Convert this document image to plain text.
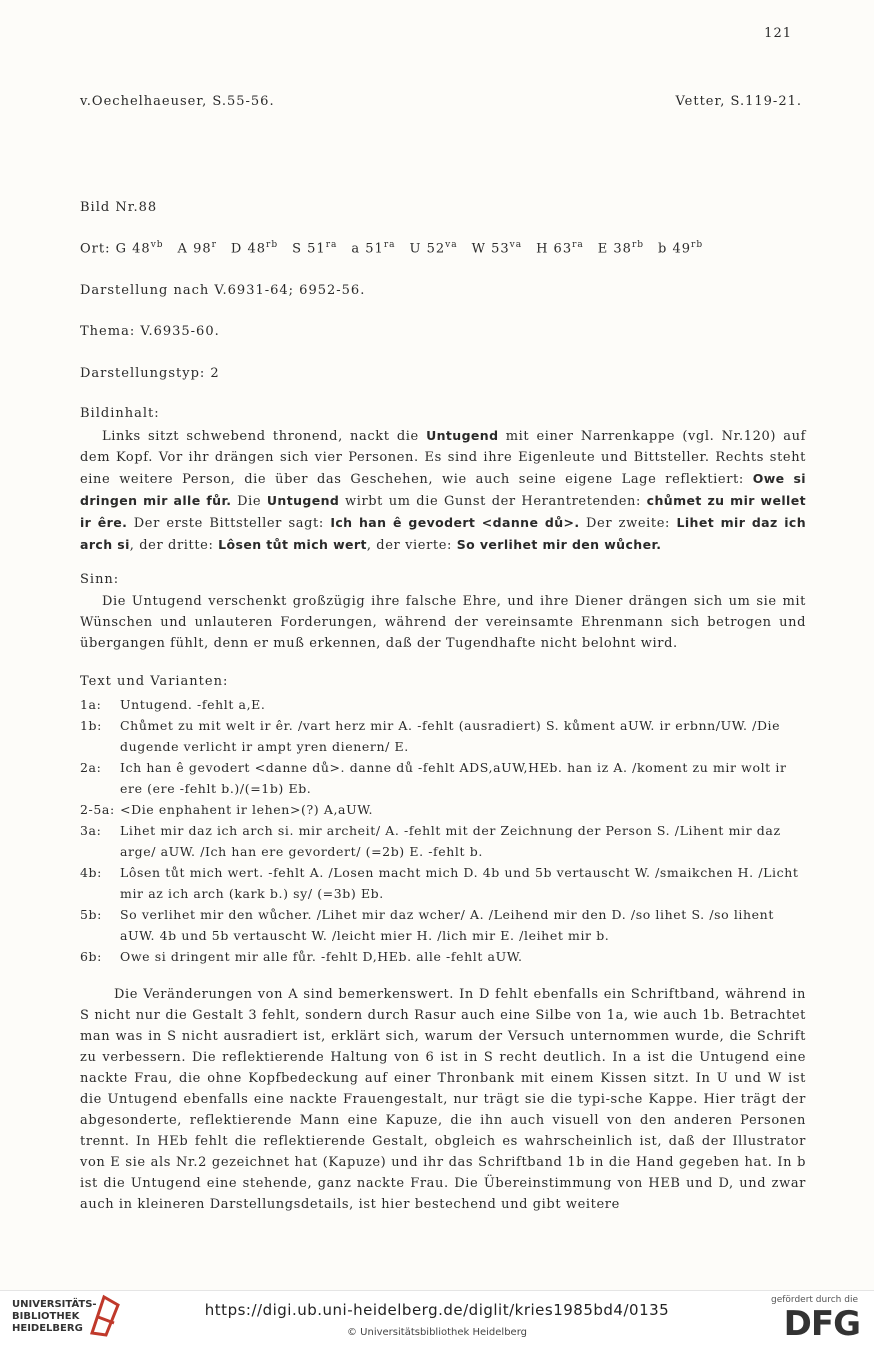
121
v.Oechelhaeuser, S.55-56.	Vetter, S.119-21.
Bild Nr.88
Ort: G $48^{vb}$ A 98$^r$ D $48^{rb}$ S $51^{ra}$ a $51^{ra}$ U $52^{va}$ W $53^{va}$ H $63^{ra}$ E $38^{rb}$ b $49^{rb}$
Darstellung nach V.6931-64; 6952-56.
Thema: V.6935-60.
Darstellungstyp: 2
Bildinhalt:
Links sitzt schwebend thronend, nackt die Untugend mit einer Narrenkappe (vgl. Nr.120) auf dem Kopf. Vor ihr drängen sich vier Personen. Es sind ihre Eigenleute und Bittsteller. Rechts steht eine weitere Person, die über das Geschehen, wie auch seine eigene Lage reflektiert: Owe si dringen mir alle fůr. Die Untugend wirbt um die Gunst der Herantretenden: chůmet zu mir wellet ir êre. Der erste Bittsteller sagt: Ich han ê gevodert <danne dů>. Der zweite: Lihet mir daz ich arch si, der dritte: Lôsen tůt mich wert, der vierte: So verlihet mir den wůcher.
Sinn:
Die Untugend verschenkt großzügig ihre falsche Ehre, und ihre Diener drängen sich um sie mit Wünschen und unlauteren Forderungen, während der vereinsamte Ehrenmann sich betrogen und übergangen fühlt, denn er muß erkennen, daß der Tugendhafte nicht belohnt wird.
Text und Varianten:
1a: Untugend. -fehlt a,E.
1b: Chůmet zu mit welt ir êr. /vart herz mir A. -fehlt (ausradiert) S. kůment aUW. ir erbnn/UW. /Die dugende verlicht ir ampt yren dienern/ E.
2a: Ich han ê gevodert <danne dů>. danne dů -fehlt ADS,aUW,HEb. han iz A. /koment zu mir wolt ir ere (ere -fehlt b.)/(=1b) Eb.
2-5a: <Die enphahent ir lehen>(?) A,aUW.
3a: Lihet mir daz ich arch si. mir archeit/ A. -fehlt mit der Zeichnung der Person S. /Lihent mir daz arge/ aUW. /Ich han ere gevordert/ (=2b) E. -fehlt b.
4b: Lôsen tůt mich wert. -fehlt A. /Losen macht mich D. 4b und 5b vertauscht W. /smaikchen H. /Licht mir az ich arch (kark b.) sy/ (=3b) Eb.
5b: So verlihet mir den wůcher. /Lihet mir daz wcher/ A. /Leihend mir den D. /so lihet S. /so lihent aUW. 4b und 5b vertauscht W. /leicht mier H. /lich mir E. /leihet mir b.
6b: Owe si dringent mir alle fůr. -fehlt D,HEb. alle -fehlt aUW.
Die Veränderungen von A sind bemerkenswert. In D fehlt ebenfalls ein Schriftband, während in S nicht nur die Gestalt 3 fehlt, sondern durch Rasur auch eine Silbe von 1a, wie auch 1b. Betrachtet man was in S nicht ausradiert ist, erklärt sich, warum der Versuch unternommen wurde, die Schrift zu verbessern. Die reflektierende Haltung von 6 ist in S recht deutlich. In a ist die Untugend eine nackte Frau, die ohne Kopfbedeckung auf einer Thronbank mit einem Kissen sitzt. In U und W ist die Untugend ebenfalls eine nackte Frauengestalt, nur trägt sie die typi-sche Kappe. Hier trägt der abgesonderte, reflektierende Mann eine Kapuze, die ihn auch visuell von den anderen Personen trennt. In HEb fehlt die reflektierende Gestalt, obgleich es wahrscheinlich ist, daß der Illustrator von E sie als Nr.2 gezeichnet hat (Kapuze) und ihr das Schriftband 1b in die Hand gegeben hat. In b ist die Untugend eine stehende, ganz nackte Frau. Die Übereinstimmung von HEB und D, und zwar auch in kleineren Darstellungsdetails, ist hier bestechend und gibt weitere
UNIVERSITÄTS-
BIBLIOTHEK
HEIDELBERG
https://digi.ub.uni-heidelberg.de/diglit/kries1985bd4/0135
© Universitätsbibliothek Heidelberg
gefördert durch die
DFG
